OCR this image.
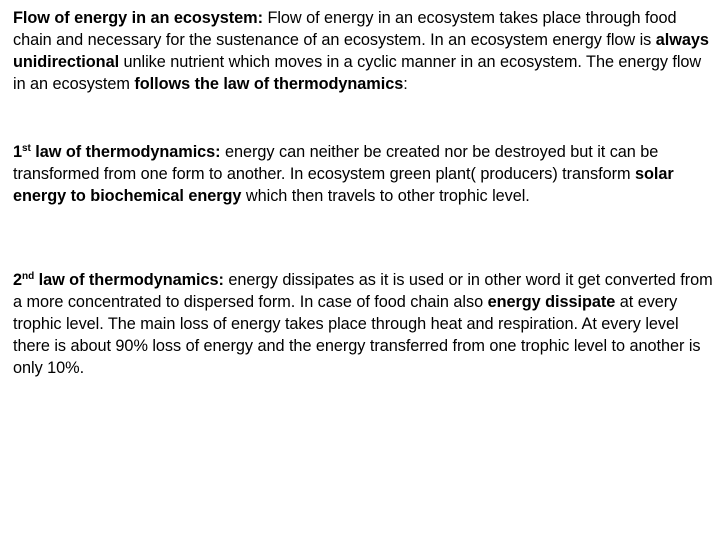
Flow of energy in an ecosystem: Flow of energy in an ecosystem takes place through food chain and necessary for the sustenance of an ecosystem. In an ecosystem energy flow is always unidirectional unlike nutrient which moves in a cyclic manner in an ecosystem. The energy flow in an ecosystem follows the law of thermodynamics:

1st law of thermodynamics: energy can neither be created nor be destroyed but it can be transformed from one form to another. In ecosystem green plant( producers) transform solar energy to biochemical energy which then travels to other trophic level.

2nd law of thermodynamics: energy dissipates as it is used or in other word it get converted from a more concentrated to dispersed form. In case of food chain also energy dissipate at every trophic level. The main loss of energy takes place through heat and respiration. At every level there is about 90% loss of energy and the energy transferred from one trophic level to another is only 10%.
